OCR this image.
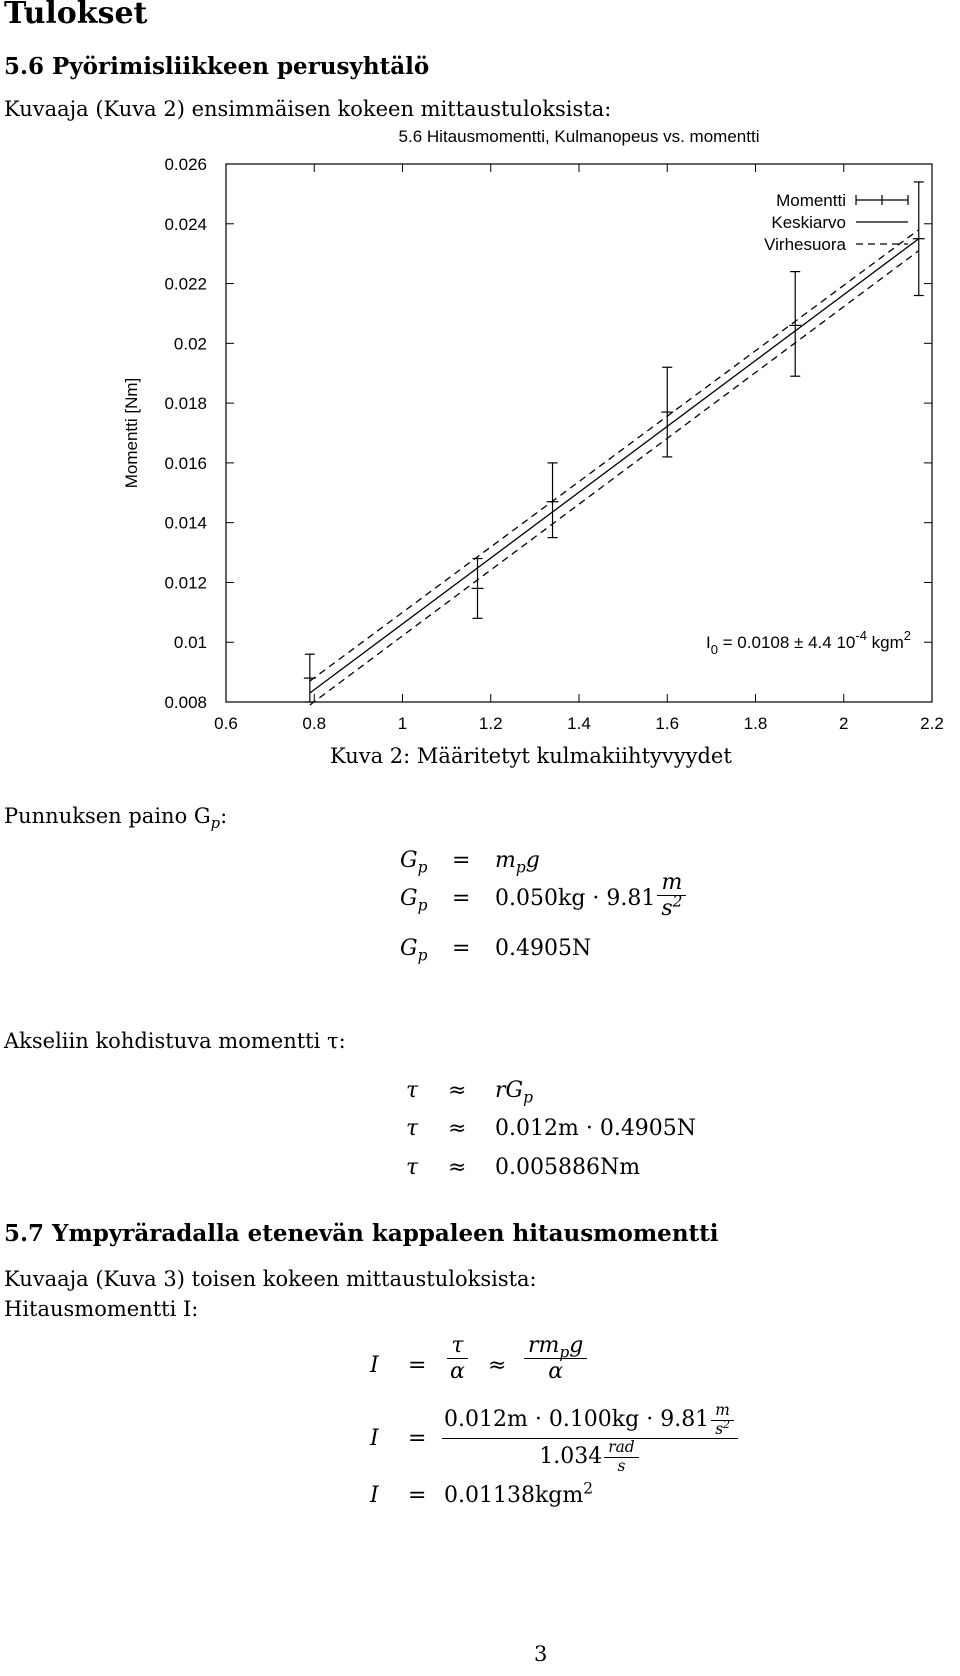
Tulokset
5.6 Pyörimisliikkeen perusyhtälö
Kuvaaja (Kuva 2) ensimmäisen kokeen mittaustuloksista:
0.6	0.8	1	1.2	1.4	1.6	1.8	2	2.2
0.008
0.01
0.012
0.014
0.016
0.018
0.02
0.022
0.024
0.026
5.6 Hitausmomentti, Kulmanopeus vs. momentti
Momentti [Nm]
Momentti
Keskiarvo
Virhesuora
$I_0 = 0.0108 \pm 4.4$ $10^{-4}$ kgm$^2$
Kuva 2: Määritetyt kulmakiihtyvyydet
Punnuksen paino $G_p$:
$G_p = m_pg$
$G_p = 0.050kg \cdot 9.81 \frac{m}{s^2}$
$G_p = 0.4905N$
Akseliin kohdistuva momentti τ:
$\tau \approx rG_p$
τ ≈ 0.012m · 0.4905N
τ ≈ 0.005886Nm
5.7 Ympyräradalla etenevän kappaleen hitausmomentti
Kuvaaja (Kuva 3) toisen kokeen mittaustuloksista:
Hitausmomentti I:
$I = \frac{\tau}{\alpha} \approx \frac{rm_pg}{\alpha}$
$I = \frac{0.012m \cdot 0.100kg \cdot 9.81 \frac{m}{s^2}}{1.034 \frac{\text{rad}}{s}}$
I = 0.01138kgm$^2$
3
